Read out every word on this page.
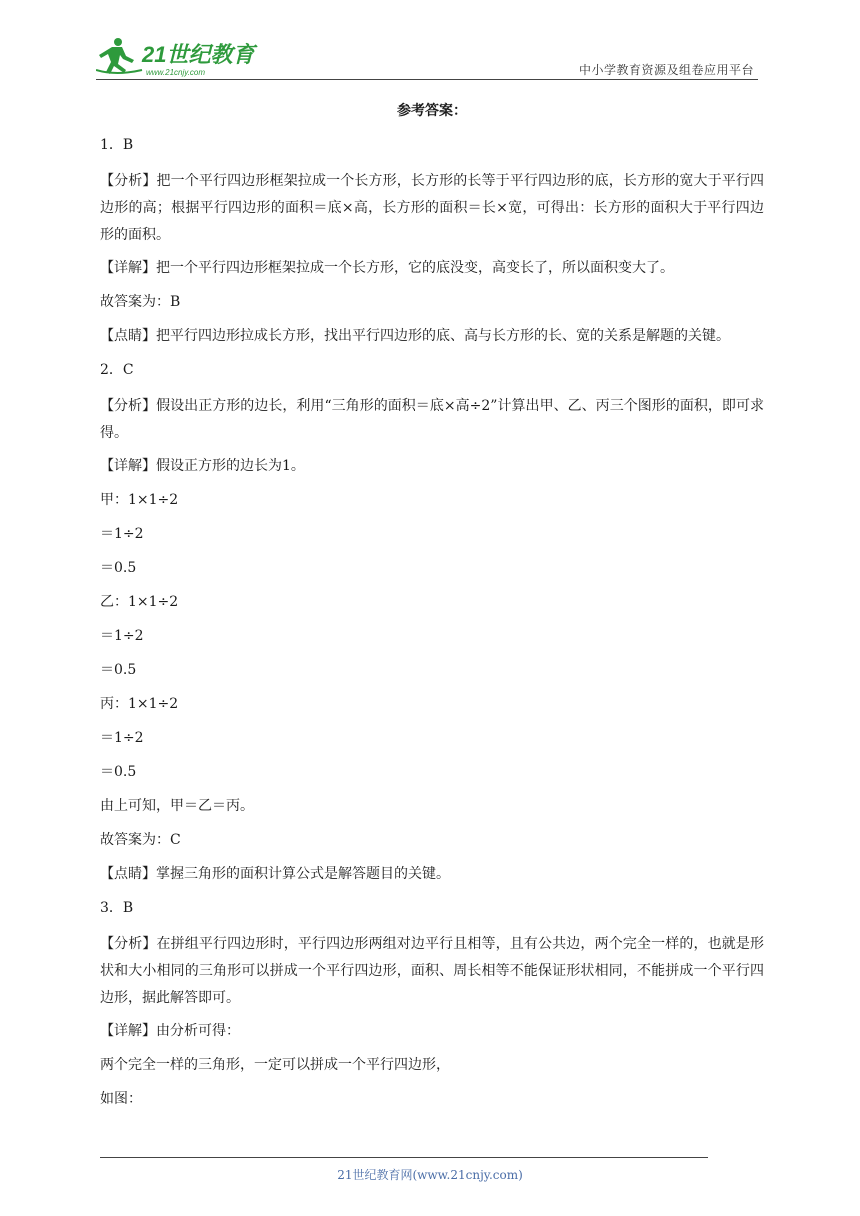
21世纪教育
www.21cnjy.com	中小学教育资源及组卷应用平台
参考答案：

1．B

【分析】把一个平行四边形框架拉成一个长方形，长方形的长等于平行四边形的底，长方形的宽大于平行四边形的高；根据平行四边形的面积＝底×高，长方形的面积＝长×宽，可得出：长方形的面积大于平行四边形的面积。

【详解】把一个平行四边形框架拉成一个长方形，它的底没变，高变长了，所以面积变大了。

故答案为：B

【点睛】把平行四边形拉成长方形，找出平行四边形的底、高与长方形的长、宽的关系是解题的关键。

2．C

【分析】假设出正方形的边长，利用“三角形的面积＝底×高÷2”计算出甲、乙、丙三个图形的面积，即可求得。

【详解】假设正方形的边长为1。

甲：1×1÷2

＝1÷2

＝0.5

乙：1×1÷2

＝1÷2

＝0.5

丙：1×1÷2

＝1÷2

＝0.5

由上可知，甲＝乙＝丙。

故答案为：C

【点睛】掌握三角形的面积计算公式是解答题目的关键。

3．B

【分析】在拼组平行四边形时，平行四边形两组对边平行且相等，且有公共边，两个完全一样的，也就是形状和大小相同的三角形可以拼成一个平行四边形，面积、周长相等不能保证形状相同，不能拼成一个平行四边形，据此解答即可。

【详解】由分析可得：

两个完全一样的三角形，一定可以拼成一个平行四边形，

如图：

21世纪教育网(www.21cnjy.com)
